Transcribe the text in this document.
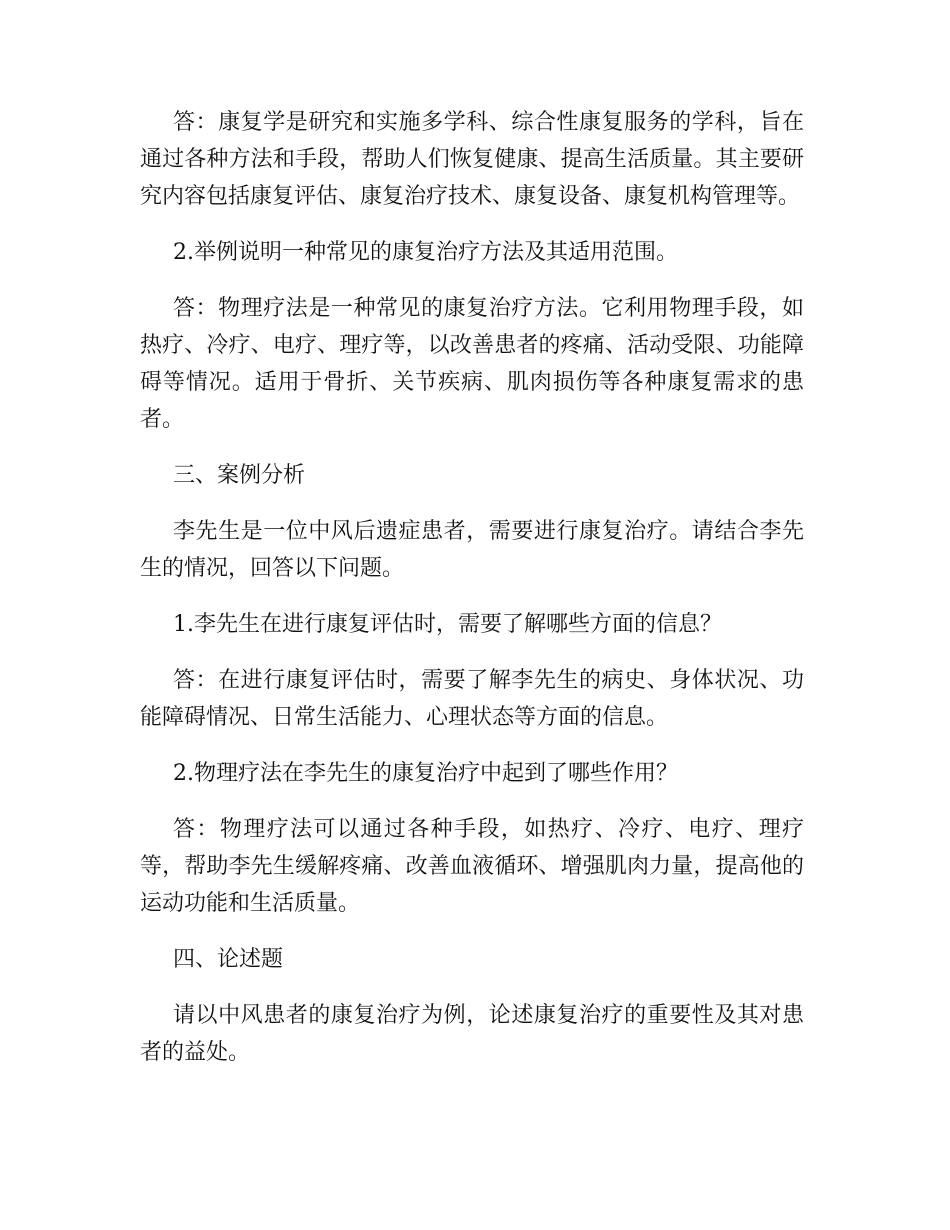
答：康复学是研究和实施多学科、综合性康复服务的学科，旨在通过各种方法和手段，帮助人们恢复健康、提高生活质量。其主要研究内容包括康复评估、康复治疗技术、康复设备、康复机构管理等。

2.举例说明一种常见的康复治疗方法及其适用范围。

答：物理疗法是一种常见的康复治疗方法。它利用物理手段，如热疗、冷疗、电疗、理疗等，以改善患者的疼痛、活动受限、功能障碍等情况。适用于骨折、关节疾病、肌肉损伤等各种康复需求的患者。

三、案例分析

李先生是一位中风后遗症患者，需要进行康复治疗。请结合李先生的情况，回答以下问题。

1.李先生在进行康复评估时，需要了解哪些方面的信息？

答：在进行康复评估时，需要了解李先生的病史、身体状况、功能障碍情况、日常生活能力、心理状态等方面的信息。

2.物理疗法在李先生的康复治疗中起到了哪些作用？

答：物理疗法可以通过各种手段，如热疗、冷疗、电疗、理疗等，帮助李先生缓解疼痛、改善血液循环、增强肌肉力量，提高他的运动功能和生活质量。

四、论述题

请以中风患者的康复治疗为例，论述康复治疗的重要性及其对患者的益处。
